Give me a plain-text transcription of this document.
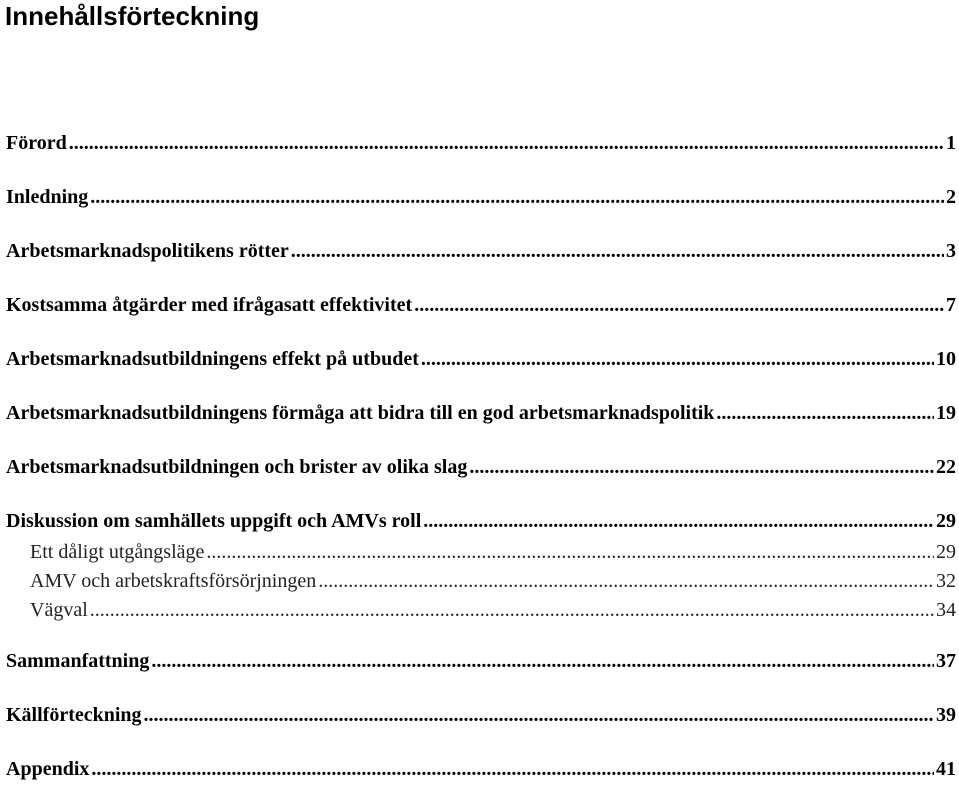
Innehållsförteckning
Förord .....	1
Inledning .....	2
Arbetsmarknadspolitikens rötter .....	3
Kostsamma åtgärder med ifrågasatt effektivitet .....	7
Arbetsmarknadsutbildningens effekt på utbudet .....	10
Arbetsmarknadsutbildningens förmåga att bidra till en god arbetsmarknadspolitik .....	19
Arbetsmarknadsutbildningen och brister av olika slag .....	22
Diskussion om samhällets uppgift och AMVs roll .....	29
Ett dåligt utgångsläge .....	29
AMV och arbetskraftsförsörjningen .....	32
Vägval .....	34
Sammanfattning .....	37
Källförteckning .....	39
Appendix .....	41
